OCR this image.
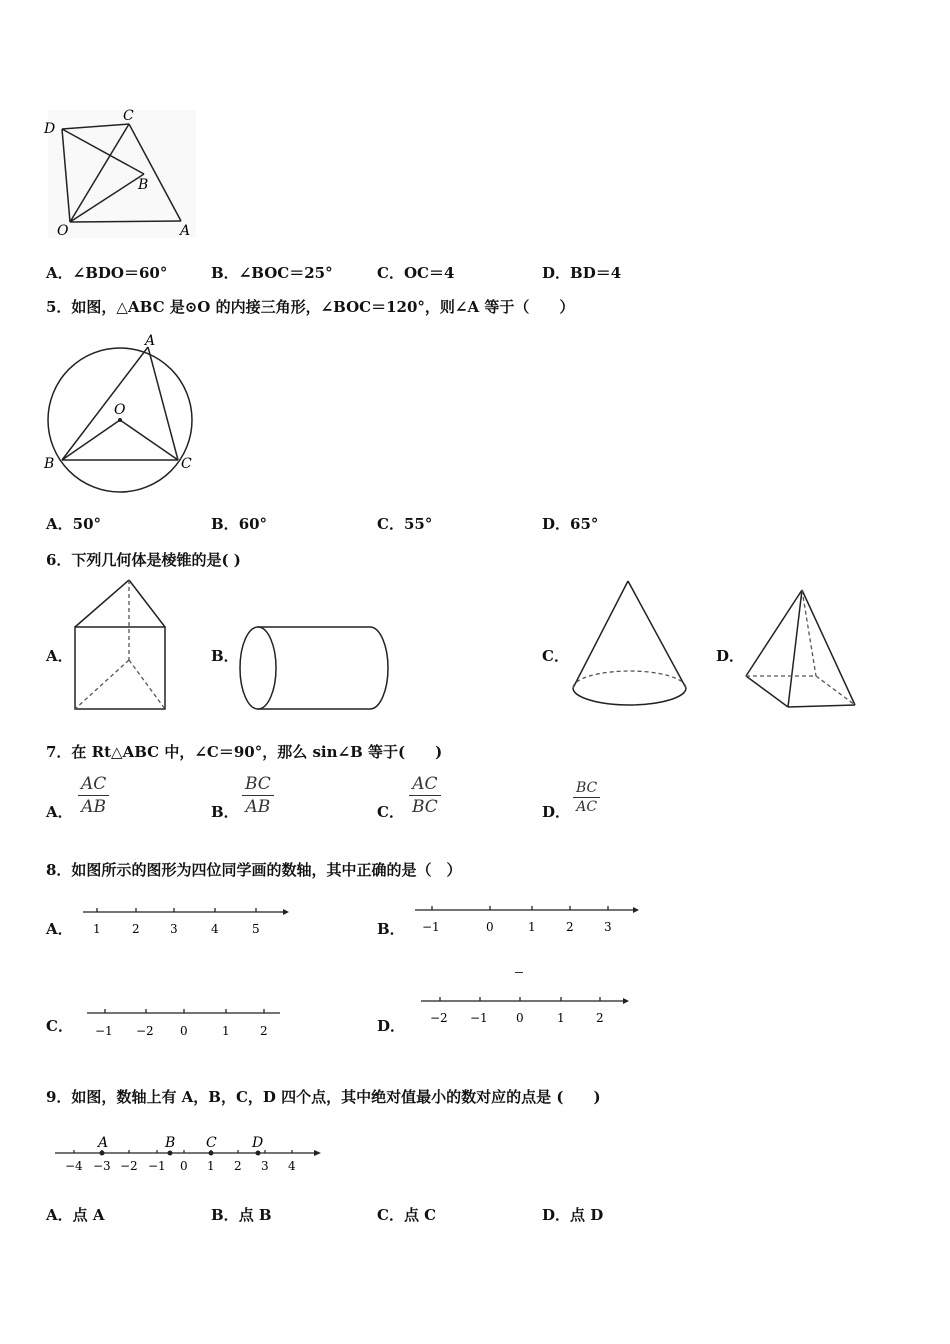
D
C
B
O	A
A．∠BDO＝60°	B．∠BOC＝25°	C．OC＝4	D．BD＝4
5．如图，△ABC 是⊙O 的内接三角形，∠BOC＝120°，则∠A 等于（　　）
A
O
B	C
A．50°	B．60°	C．55°	D．65°
6．下列几何体是棱锥的是( )
A．	B．	C．	D．
7．在 Rt△ABC 中，∠C＝90°，那么 sin∠B 等于(　　)
A． $\frac{AC}{AB}$	B． $\frac{BC}{AB}$	C． $\frac{AC}{BC}$	D． $\frac{BC}{AC}$
8．如图所示的图形为四位同学画的数轴，其中正确的是（　）
A． 1	2	3	4	5	B． −1	0	1	2	3
C． −1 −2 0	1	2	D． −2 −1 0	1	2
9．如图，数轴上有 A，B，C，D 四个点，其中绝对值最小的数对应的点是 (　　)
A	B C	D
−4 −3 −2 −1 0 1 2 3 4
A．点 A	B．点 B	C．点 C	D．点 D
